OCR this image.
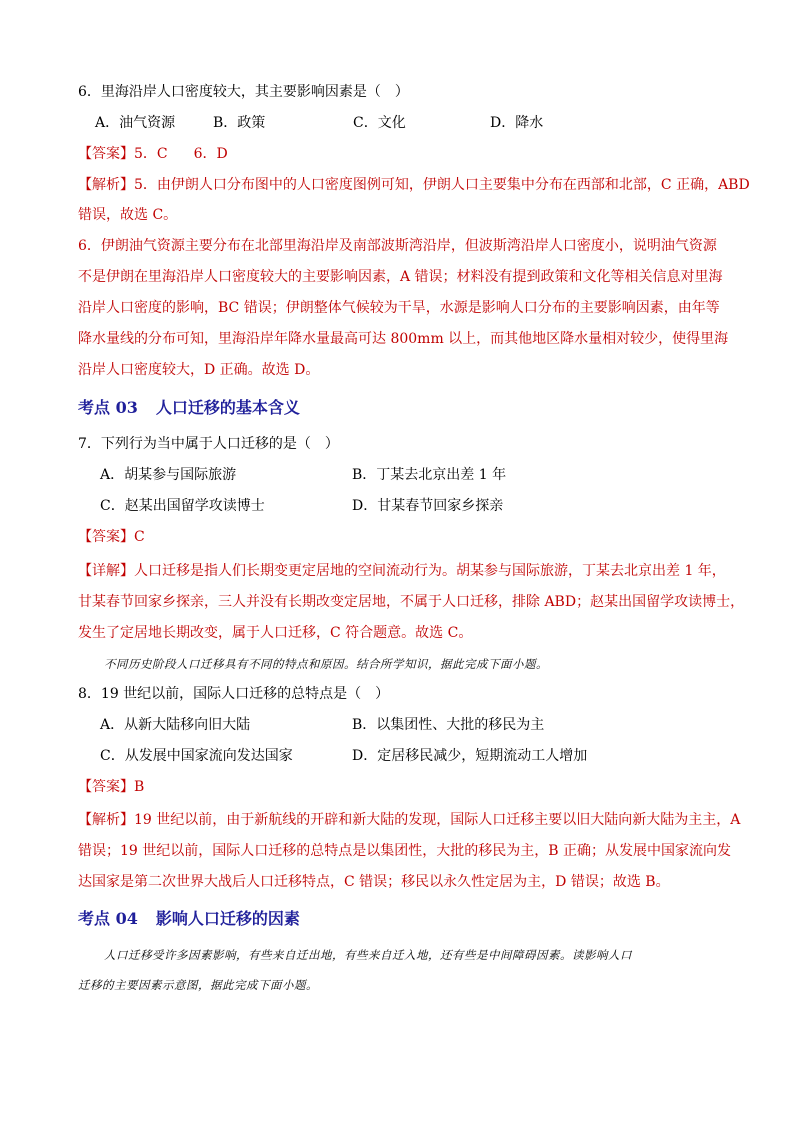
6．里海沿岸人口密度较大，其主要影响因素是（　）
A．油气资源	B．政策	C．文化	D．降水
【答案】5．C 6．D
【解析】5．由伊朗人口分布图中的人口密度图例可知，伊朗人口主要集中分布在西部和北部，C 正确，ABD
错误，故选 C。
6．伊朗油气资源主要分布在北部里海沿岸及南部波斯湾沿岸，但波斯湾沿岸人口密度小，说明油气资源
不是伊朗在里海沿岸人口密度较大的主要影响因素，A 错误；材料没有提到政策和文化等相关信息对里海
沿岸人口密度的影响，BC 错误；伊朗整体气候较为干旱，水源是影响人口分布的主要影响因素，由年等
降水量线的分布可知，里海沿岸年降水量最高可达 800mm 以上，而其他地区降水量相对较少，使得里海
沿岸人口密度较大，D 正确。故选 D。
考点 03 人口迁移的基本含义
7．下列行为当中属于人口迁移的是（　）
A．胡某参与国际旅游	B．丁某去北京出差 1 年
C．赵某出国留学攻读博士	D．甘某春节回家乡探亲
【答案】C
【详解】人口迁移是指人们长期变更定居地的空间流动行为。胡某参与国际旅游，丁某去北京出差 1 年，
甘某春节回家乡探亲，三人并没有长期改变定居地，不属于人口迁移，排除 ABD；赵某出国留学攻读博士，
发生了定居地长期改变，属于人口迁移，C 符合题意。故选 C。
不同历史阶段人口迁移具有不同的特点和原因。结合所学知识，据此完成下面小题。
8．19 世纪以前，国际人口迁移的总特点是（　）
A．从新大陆移向旧大陆	B．以集团性、大批的移民为主
C．从发展中国家流向发达国家	D．定居移民减少，短期流动工人增加
【答案】B
【解析】19 世纪以前，由于新航线的开辟和新大陆的发现，国际人口迁移主要以旧大陆向新大陆为主主，A
错误；19 世纪以前，国际人口迁移的总特点是以集团性，大批的移民为主，B 正确；从发展中国家流向发
达国家是第二次世界大战后人口迁移特点，C 错误；移民以永久性定居为主，D 错误；故选 B。
考点 04 影响人口迁移的因素
人口迁移受许多因素影响，有些来自迁出地，有些来自迁入地，还有些是中间障碍因素。读影响人口
迁移的主要因素示意图，据此完成下面小题。
